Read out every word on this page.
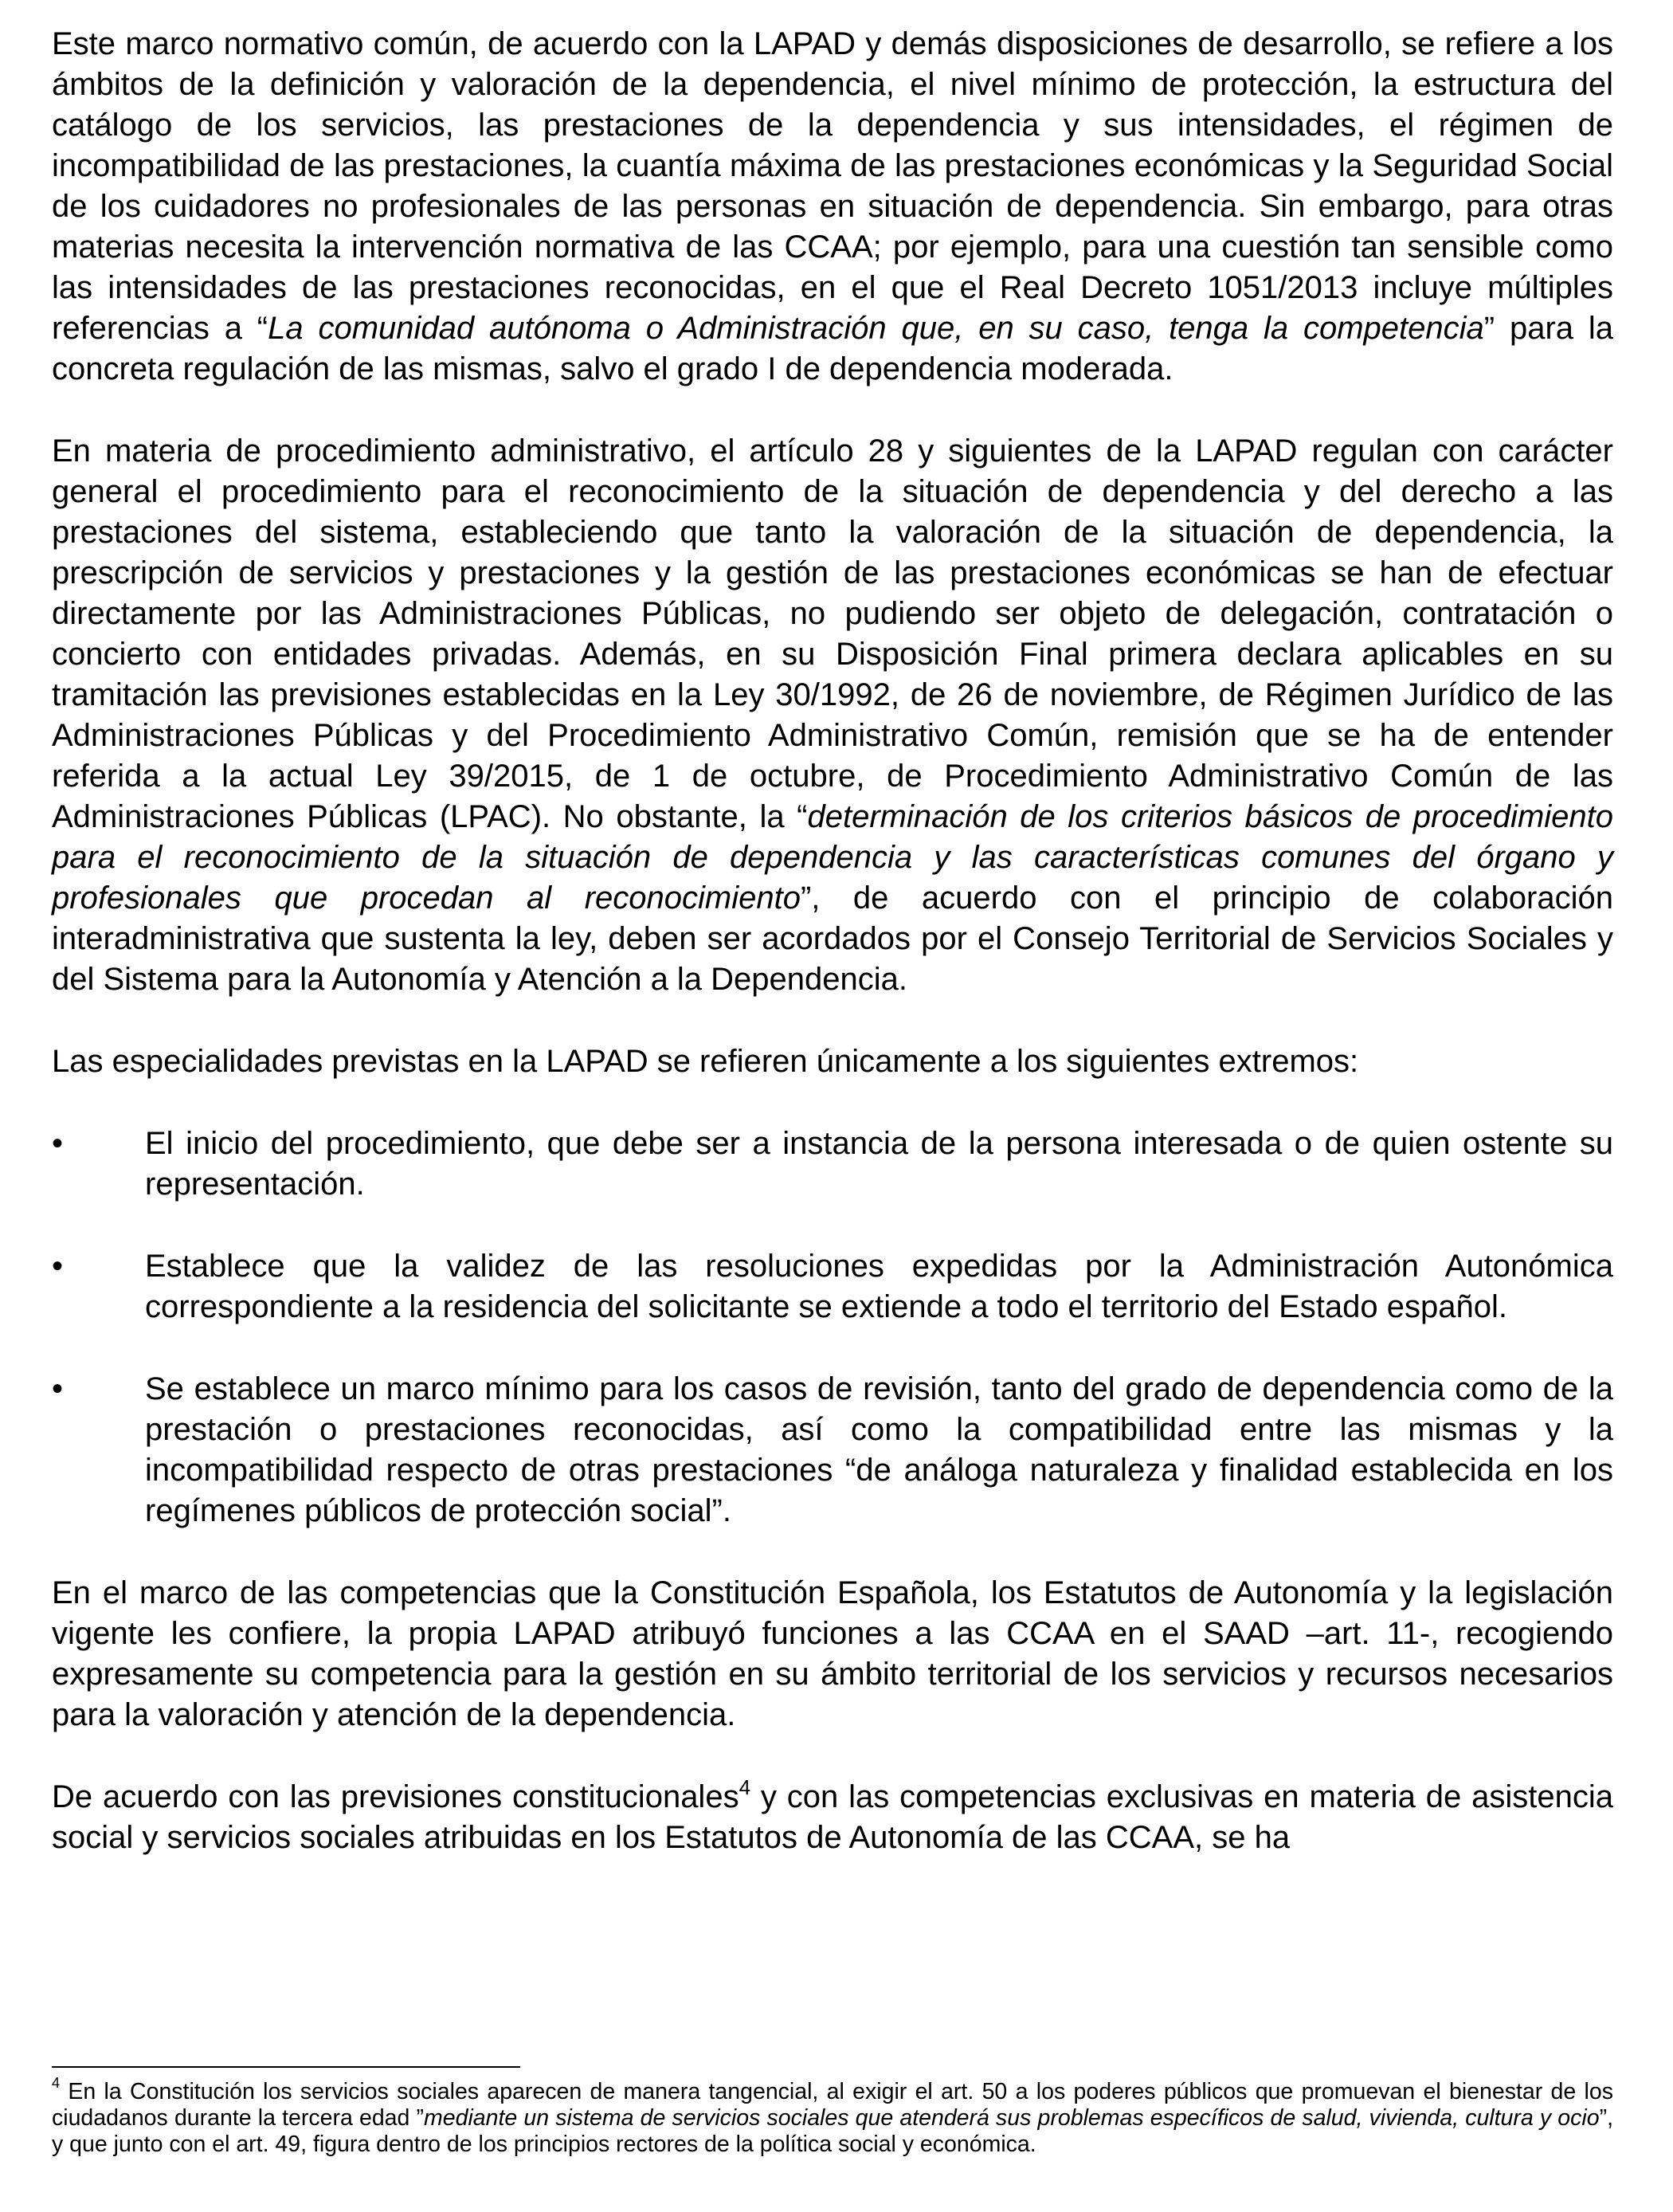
Este marco normativo común, de acuerdo con la LAPAD y demás disposiciones de desarrollo, se refiere a los ámbitos de la definición y valoración de la dependencia, el nivel mínimo de protección, la estructura del catálogo de los servicios, las prestaciones de la dependencia y sus intensidades, el régimen de incompatibilidad de las prestaciones, la cuantía máxima de las prestaciones económicas y la Seguridad Social de los cuidadores no profesionales de las personas en situación de dependencia. Sin embargo, para otras materias necesita la intervención normativa de las CCAA; por ejemplo, para una cuestión tan sensible como las intensidades de las prestaciones reconocidas, en el que el Real Decreto 1051/2013 incluye múltiples referencias a “La comunidad autónoma o Administración que, en su caso, tenga la competencia” para la concreta regulación de las mismas, salvo el grado I de dependencia moderada.

En materia de procedimiento administrativo, el artículo 28 y siguientes de la LAPAD regulan con carácter general el procedimiento para el reconocimiento de la situación de dependencia y del derecho a las prestaciones del sistema, estableciendo que tanto la valoración de la situación de dependencia, la prescripción de servicios y prestaciones y la gestión de las prestaciones económicas se han de efectuar directamente por las Administraciones Públicas, no pudiendo ser objeto de delegación, contratación o concierto con entidades privadas. Además, en su Disposición Final primera declara aplicables en su tramitación las previsiones establecidas en la Ley 30/1992, de 26 de noviembre, de Régimen Jurídico de las Administraciones Públicas y del Procedimiento Administrativo Común, remisión que se ha de entender referida a la actual Ley 39/2015, de 1 de octubre, de Procedimiento Administrativo Común de las Administraciones Públicas (LPAC). No obstante, la “determinación de los criterios básicos de procedimiento para el reconocimiento de la situación de dependencia y las características comunes del órgano y profesionales que procedan al reconocimiento”, de acuerdo con el principio de colaboración interadministrativa que sustenta la ley, deben ser acordados por el Consejo Territorial de Servicios Sociales y del Sistema para la Autonomía y Atención a la Dependencia.

Las especialidades previstas en la LAPAD se refieren únicamente a los siguientes extremos:

•	El inicio del procedimiento, que debe ser a instancia de la persona interesada o de quien ostente su representación.
•	Establece que la validez de las resoluciones expedidas por la Administración Autonómica correspondiente a la residencia del solicitante se extiende a todo el territorio del Estado español.
•	Se establece un marco mínimo para los casos de revisión, tanto del grado de dependencia como de la prestación o prestaciones reconocidas, así como la compatibilidad entre las mismas y la incompatibilidad respecto de otras prestaciones “de análoga naturaleza y finalidad establecida en los regímenes públicos de protección social”.

En el marco de las competencias que la Constitución Española, los Estatutos de Autonomía y la legislación vigente les confiere, la propia LAPAD atribuyó funciones a las CCAA en el SAAD –art. 11-, recogiendo expresamente su competencia para la gestión en su ámbito territorial de los servicios y recursos necesarios para la valoración y atención de la dependencia.

De acuerdo con las previsiones constitucionales$^4$ y con las competencias exclusivas en materia de asistencia social y servicios sociales atribuidas en los Estatutos de Autonomía de las CCAA, se ha

$^4$ En la Constitución los servicios sociales aparecen de manera tangencial, al exigir el art. 50 a los poderes públicos que promuevan el bienestar de los ciudadanos durante la tercera edad ”mediante un sistema de servicios sociales que atenderá sus problemas específicos de salud, vivienda, cultura y ocio”, y que junto con el art. 49, figura dentro de los principios rectores de la política social y económica.
